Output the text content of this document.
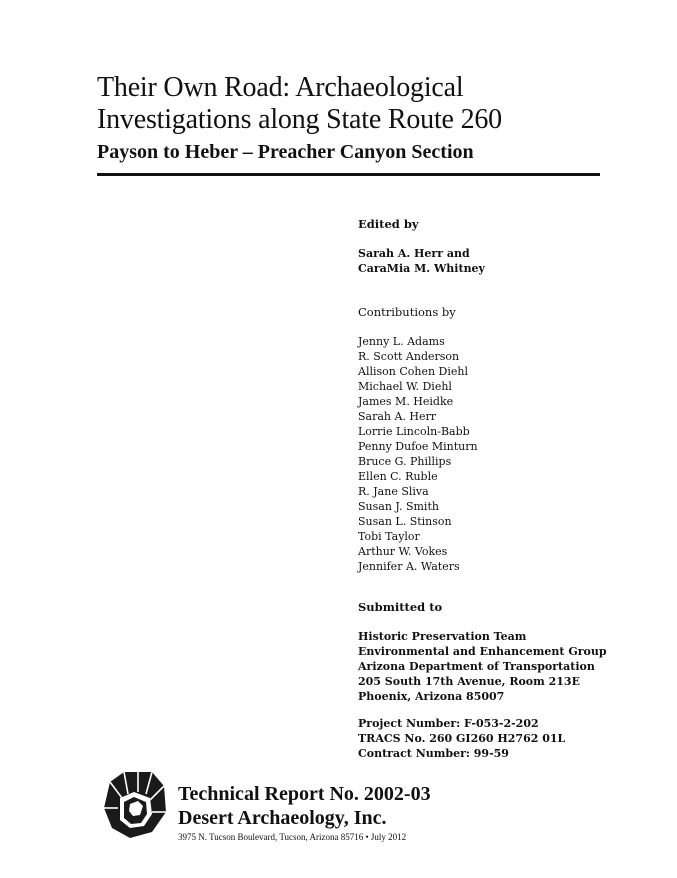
Their Own Road: Archaeological
Investigations along State Route 260
Payson to Heber – Preacher Canyon Section
Edited by
Sarah A. Herr and
CaraMia M. Whitney
Contributions by
Jenny L. Adams
R. Scott Anderson
Allison Cohen Diehl
Michael W. Diehl
James M. Heidke
Sarah A. Herr
Lorrie Lincoln-Babb
Penny Dufoe Minturn
Bruce G. Phillips
Ellen C. Ruble
R. Jane Sliva
Susan J. Smith
Susan L. Stinson
Tobi Taylor
Arthur W. Vokes
Jennifer A. Waters
Submitted to
Historic Preservation Team
Environmental and Enhancement Group
Arizona Department of Transportation
205 South 17th Avenue, Room 213E
Phoenix, Arizona 85007
Project Number: F-053-2-202
TRACS No. 260 GI260 H2762 01L
Contract Number: 99-59
Technical Report No. 2002-03
Desert Archaeology, Inc.
3975 N. Tucson Boulevard, Tucson, Arizona 85716 • July 2012
